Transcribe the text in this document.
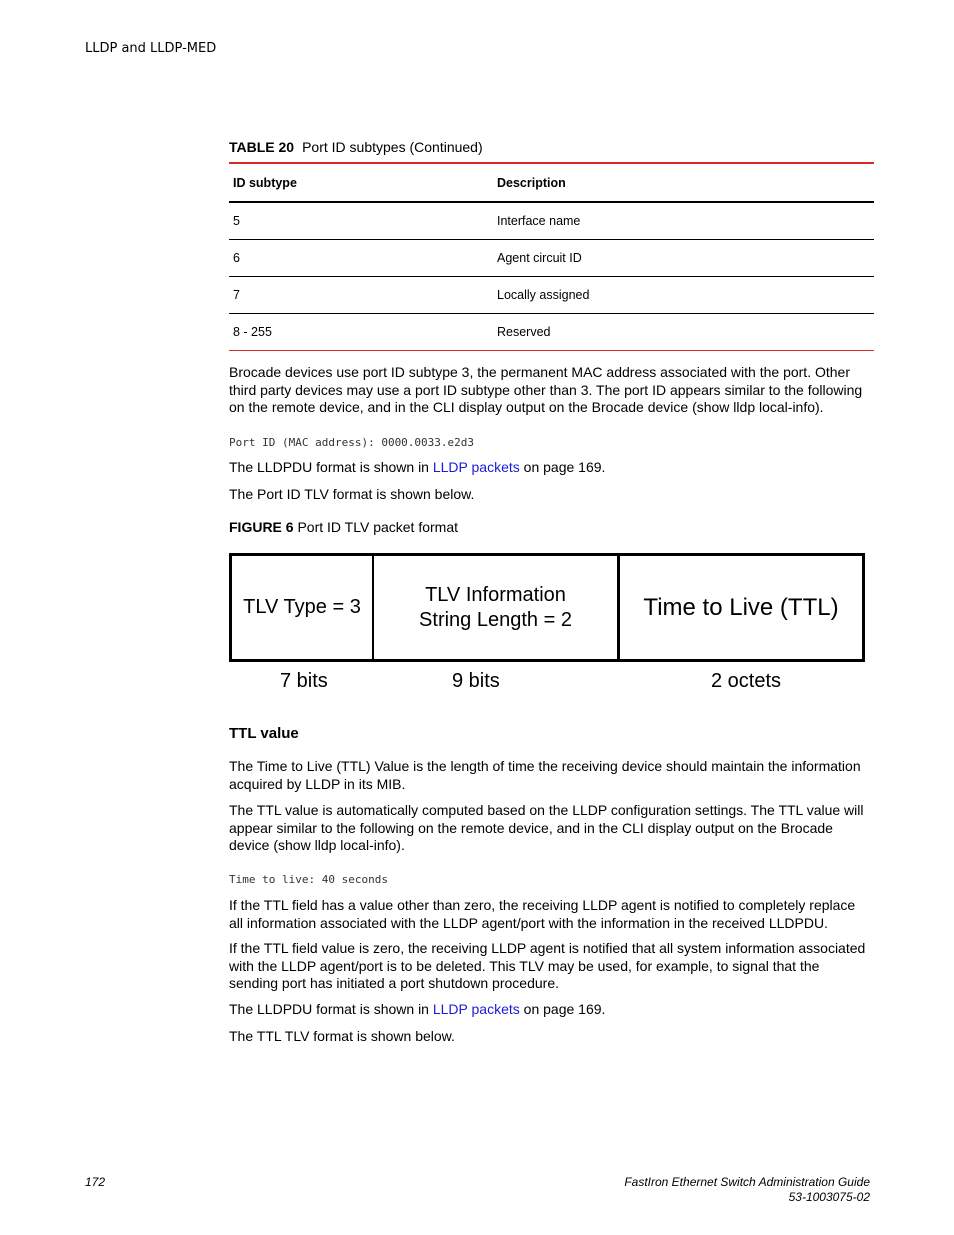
LLDP and LLDP-MED
TABLE 20 Port ID subtypes (Continued)
ID subtype	Description
5	Interface name
6	Agent circuit ID
7	Locally assigned
8 - 255	Reserved
Brocade devices use port ID subtype 3, the permanent MAC address associated with the port. Other third party devices may use a port ID subtype other than 3. The port ID appears similar to the following on the remote device, and in the CLI display output on the Brocade device (show lldp local-info).
Port ID (MAC address): 0000.0033.e2d3
The LLDPDU format is shown in LLDP packets on page 169.
The Port ID TLV format is shown below.
FIGURE 6 Port ID TLV packet format
TLV Type = 3
TLV Information
String Length = 2	Time to Live (TTL)
7 bits	9 bits	2 octets
TTL value
The Time to Live (TTL) Value is the length of time the receiving device should maintain the information acquired by LLDP in its MIB.
The TTL value is automatically computed based on the LLDP configuration settings. The TTL value will appear similar to the following on the remote device, and in the CLI display output on the Brocade device (show lldp local-info).
Time to live: 40 seconds
If the TTL field has a value other than zero, the receiving LLDP agent is notified to completely replace all information associated with the LLDP agent/port with the information in the received LLDPDU.
If the TTL field value is zero, the receiving LLDP agent is notified that all system information associated with the LLDP agent/port is to be deleted. This TLV may be used, for example, to signal that the sending port has initiated a port shutdown procedure.
The LLDPDU format is shown in LLDP packets on page 169.
The TTL TLV format is shown below.
172	FastIron Ethernet Switch Administration Guide
53-1003075-02
